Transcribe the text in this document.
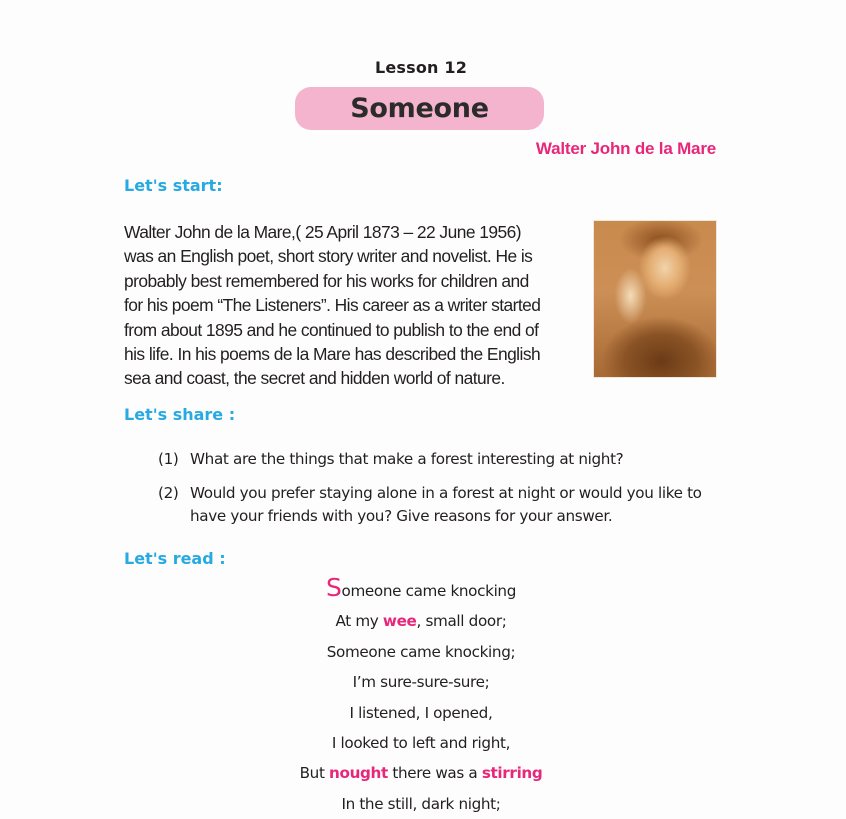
Lesson 12
Someone
Walter John de la Mare
Let's start:
Walter John de la Mare,( 25 April 1873 – 22 June 1956)
was an English poet, short story writer and novelist. He is
probably best remembered for his works for children and
for his poem “The Listeners”. His career as a writer started
from about 1895 and he continued to publish to the end of
his life. In his poems de la Mare has described the English
sea and coast, the secret and hidden world of nature.
Let's share :
(1) What are the things that make a forest interesting at night?
(2) Would you prefer staying alone in a forest at night or would you like to have your friends with you? Give reasons for your answer.
Let's read :
Someone came knocking
At my wee, small door;
Someone came knocking;
I’m sure-sure-sure;
I listened, I opened,
I looked to left and right,
But nought there was a stirring
In the still, dark night;
